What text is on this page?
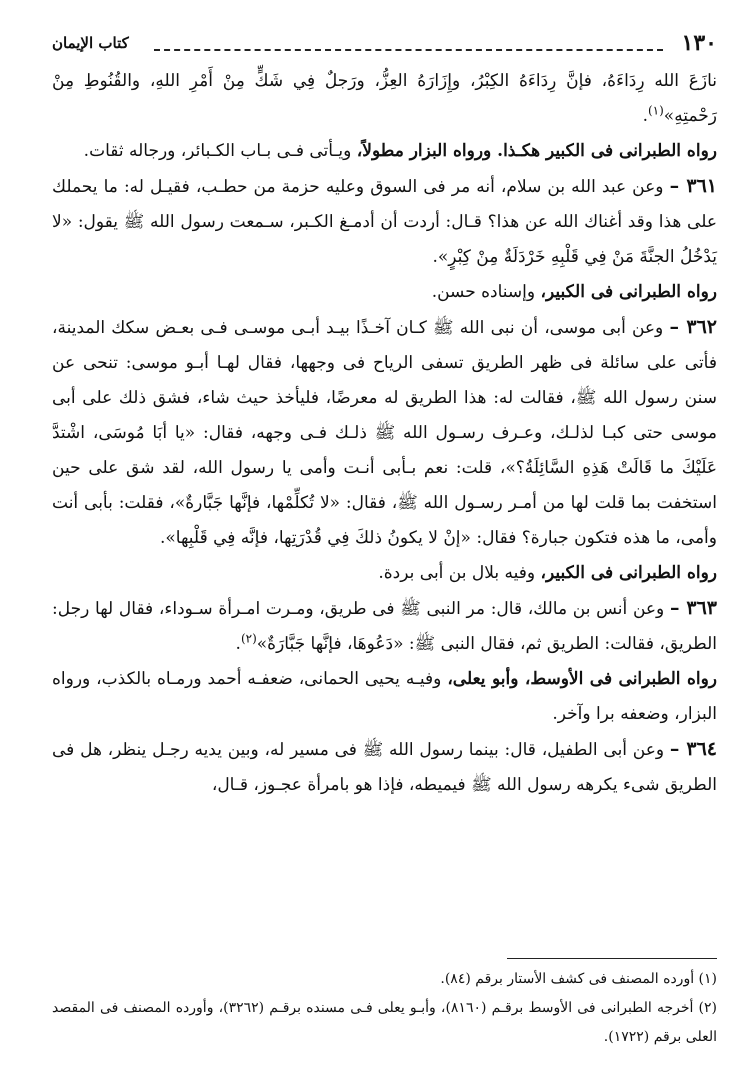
١٣٠
كتاب الإيمان

نازَعَ الله رِدَاءَهُ، فإنَّ رِدَاءَهُ الكِبْرُ، وإِزَارَهُ العِزُّ، ورَجلٌ فِي شَكٍّ مِنْ أَمْرِ اللهِ، والقُنُوطِ مِنْ رَحْمتِهِ»$^{(١)}$.

رواه الطبرانى فى الكبير هكـذا. ورواه البزار مطولاً، ويـأتى فـى بـاب الكـبائر، ورجاله ثقات.

٣٦١ – وعن عبد الله بن سلام، أنه مر فى السوق وعليه حزمة من حطـب، فقيـل له: ما يحملك على هذا وقد أغناك الله عن هذا؟ قـال: أردت أن أدمـغ الكـبر، سـمعت رسول الله ﷺ يقول: «لا يَدْخُلُ الجنَّةَ مَنْ فِي قَلْبِهِ خَرْدَلَةٌ مِنْ كِبْرٍ».

رواه الطبرانى فى الكبير، وإسناده حسن.

٣٦٢ – وعن أبى موسى، أن نبى الله ﷺ كـان آخـذًا بيـد أبـى موسـى فـى بعـض سكك المدينة، فأتى على سائلة فى ظهر الطريق تسفى الرياح فى وجهها، فقال لهـا أبـو موسى: تنحى عن سنن رسول الله ﷺ، فقالت له: هذا الطريق له معرضًا، فليأخذ حيث شاء، فشق ذلك على أبى موسى حتى كبـا لذلـك، وعـرف رسـول الله ﷺ ذلـك فـى وجهه، فقال: «يا أبَا مُوسَى، اشْتدَّ عَلَيْكَ ما قَالَتْ هَذِهِ السَّائِلَةُ؟»، قلت: نعم بـأبى أنـت وأمى يا رسول الله، لقد شق على حين استخفت بما قلت لها من أمـر رسـول الله ﷺ، فقال: «لا تُكلِّمْها، فإنَّها جَبَّارةٌ»، فقلت: بأبى أنت وأمى، ما هذه فتكون جبارة؟ فقال: «إنْ لا يكونُ ذلكَ فِي قُدْرَتِها، فإنَّه فِي قَلْبِها».

رواه الطبرانى فى الكبير، وفيه بلال بن أبى بردة.

٣٦٣ – وعن أنس بن مالك، قال: مر النبى ﷺ فى طريق، ومـرت امـرأة سـوداء، فقال لها رجل: الطريق، فقالت: الطريق ثم، فقال النبى ﷺ: «دَعُوهَا، فإنَّها جَبَّارَةٌ»$^{(٢)}$.

رواه الطبرانى فى الأوسط، وأبو يعلى، وفيـه يحيى الحمانى، ضعفـه أحمد ورمـاه بالكذب، ورواه البزار، وضعفه برا وآخر.

٣٦٤ – وعن أبى الطفيل، قال: بينما رسول الله ﷺ فى مسير له، وبين يديه رجـل ينظر، هل فى الطريق شىء يكرهه رسول الله ﷺ فيميطه، فإذا هو بامرأة عجـوز، قـال،

(١) أورده المصنف فى كشف الأستار برقم (٨٤).

(٢) أخرجه الطبرانى فى الأوسط برقـم (٨١٦٠)، وأبـو يعلى فـى مسنده برقـم (٣٢٦٢)، وأورده المصنف فى المقصد العلى برقم (١٧٢٢).
